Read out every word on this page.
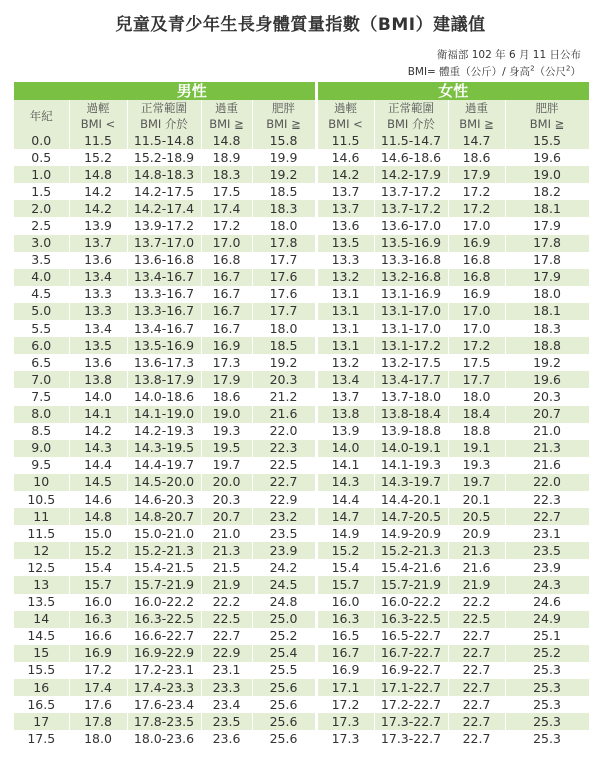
兒童及青少年生長身體質量指數（BMI）建議值
衛福部 102 年 6 月 11 日公布
BMI= 體重（公斤）/ 身高$^2$（公尺$^2$）
	男性				女性			
年紀	過輕	正常範圍	過重	肥胖	過輕	正常範圍	過重	肥胖
	BMI <	BMI 介於	BMI ≧	BMI ≧	BMI <	BMI 介於	BMI ≧	BMI ≧
0.0	11.5	11.5-14.8	14.8	15.8	11.5	11.5-14.7	14.7	15.5
0.5	15.2	15.2-18.9	18.9	19.9	14.6	14.6-18.6	18.6	19.6
1.0	14.8	14.8-18.3	18.3	19.2	14.2	14.2-17.9	17.9	19.0
1.5	14.2	14.2-17.5	17.5	18.5	13.7	13.7-17.2	17.2	18.2
2.0	14.2	14.2-17.4	17.4	18.3	13.7	13.7-17.2	17.2	18.1
2.5	13.9	13.9-17.2	17.2	18.0	13.6	13.6-17.0	17.0	17.9
3.0	13.7	13.7-17.0	17.0	17.8	13.5	13.5-16.9	16.9	17.8
3.5	13.6	13.6-16.8	16.8	17.7	13.3	13.3-16.8	16.8	17.8
4.0	13.4	13.4-16.7	16.7	17.6	13.2	13.2-16.8	16.8	17.9
4.5	13.3	13.3-16.7	16.7	17.6	13.1	13.1-16.9	16.9	18.0
5.0	13.3	13.3-16.7	16.7	17.7	13.1	13.1-17.0	17.0	18.1
5.5	13.4	13.4-16.7	16.7	18.0	13.1	13.1-17.0	17.0	18.3
6.0	13.5	13.5-16.9	16.9	18.5	13.1	13.1-17.2	17.2	18.8
6.5	13.6	13.6-17.3	17.3	19.2	13.2	13.2-17.5	17.5	19.2
7.0	13.8	13.8-17.9	17.9	20.3	13.4	13.4-17.7	17.7	19.6
7.5	14.0	14.0-18.6	18.6	21.2	13.7	13.7-18.0	18.0	20.3
8.0	14.1	14.1-19.0	19.0	21.6	13.8	13.8-18.4	18.4	20.7
8.5	14.2	14.2-19.3	19.3	22.0	13.9	13.9-18.8	18.8	21.0
9.0	14.3	14.3-19.5	19.5	22.3	14.0	14.0-19.1	19.1	21.3
9.5	14.4	14.4-19.7	19.7	22.5	14.1	14.1-19.3	19.3	21.6
10	14.5	14.5-20.0	20.0	22.7	14.3	14.3-19.7	19.7	22.0
10.5	14.6	14.6-20.3	20.3	22.9	14.4	14.4-20.1	20.1	22.3
11	14.8	14.8-20.7	20.7	23.2	14.7	14.7-20.5	20.5	22.7
11.5	15.0	15.0-21.0	21.0	23.5	14.9	14.9-20.9	20.9	23.1
12	15.2	15.2-21.3	21.3	23.9	15.2	15.2-21.3	21.3	23.5
12.5	15.4	15.4-21.5	21.5	24.2	15.4	15.4-21.6	21.6	23.9
13	15.7	15.7-21.9	21.9	24.5	15.7	15.7-21.9	21.9	24.3
13.5	16.0	16.0-22.2	22.2	24.8	16.0	16.0-22.2	22.2	24.6
14	16.3	16.3-22.5	22.5	25.0	16.3	16.3-22.5	22.5	24.9
14.5	16.6	16.6-22.7	22.7	25.2	16.5	16.5-22.7	22.7	25.1
15	16.9	16.9-22.9	22.9	25.4	16.7	16.7-22.7	22.7	25.2
15.5	17.2	17.2-23.1	23.1	25.5	16.9	16.9-22.7	22.7	25.3
16	17.4	17.4-23.3	23.3	25.6	17.1	17.1-22.7	22.7	25.3
16.5	17.6	17.6-23.4	23.4	25.6	17.2	17.2-22.7	22.7	25.3
17	17.8	17.8-23.5	23.5	25.6	17.3	17.3-22.7	22.7	25.3
17.5	18.0	18.0-23.6	23.6	25.6	17.3	17.3-22.7	22.7	25.3
